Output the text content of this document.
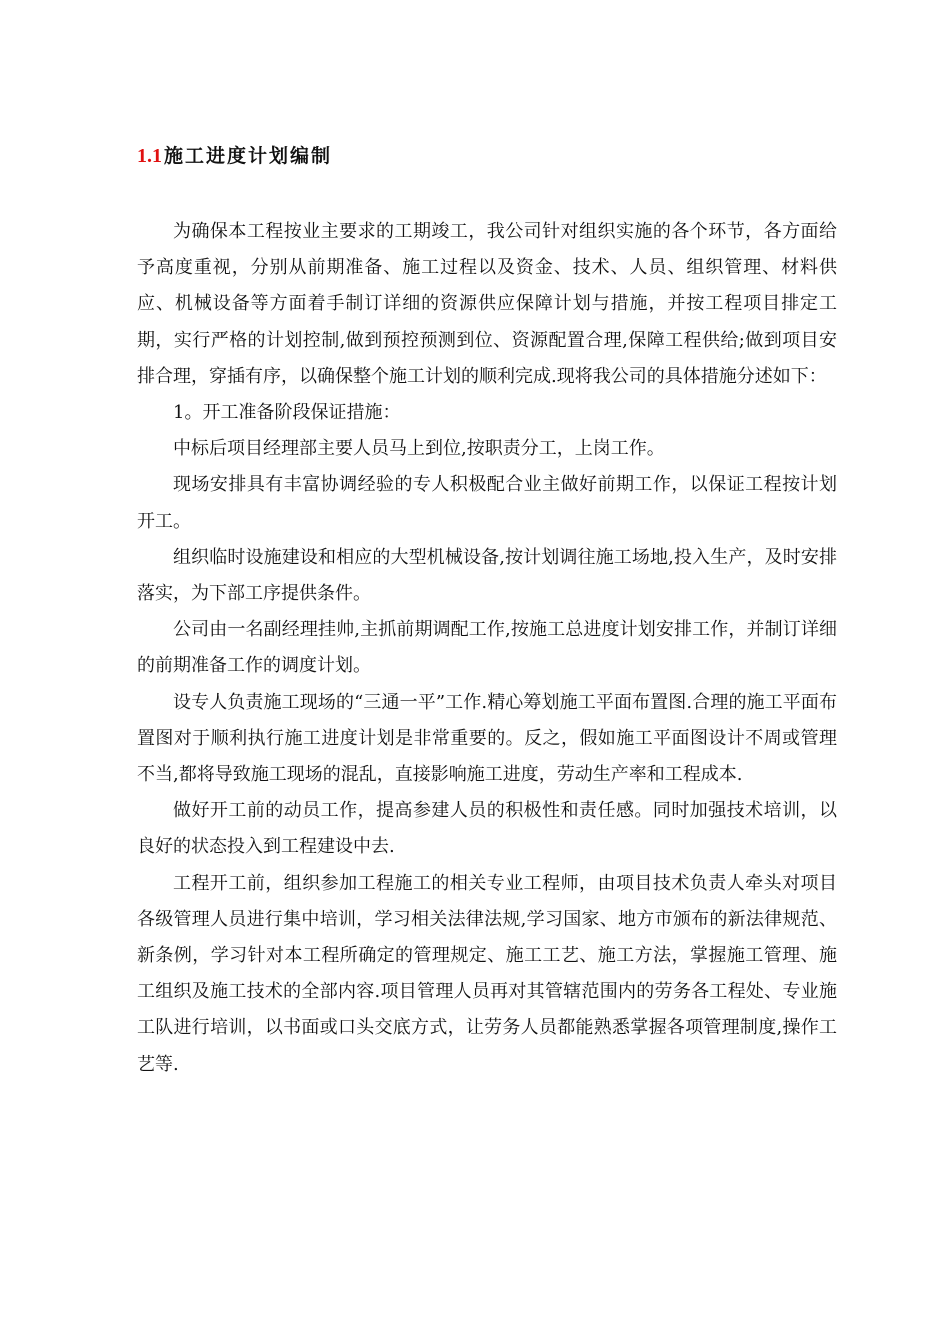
1.1 施工进度计划编制

为确保本工程按业主要求的工期竣工，我公司针对组织实施的各个环节，各方面给予高度重视，分别从前期准备、施工过程以及资金、技术、人员、组织管理、材料供应、机械设备等方面着手制订详细的资源供应保障计划与措施，并按工程项目排定工期，实行严格的计划控制,做到预控预测到位、资源配置合理,保障工程供给;做到项目安排合理，穿插有序，以确保整个施工计划的顺利完成.现将我公司的具体措施分述如下：

1。开工准备阶段保证措施：

中标后项目经理部主要人员马上到位,按职责分工，上岗工作。

现场安排具有丰富协调经验的专人积极配合业主做好前期工作，以保证工程按计划开工。

组织临时设施建设和相应的大型机械设备,按计划调往施工场地,投入生产，及时安排落实，为下部工序提供条件。

公司由一名副经理挂帅,主抓前期调配工作,按施工总进度计划安排工作，并制订详细的前期准备工作的调度计划。

设专人负责施工现场的“三通一平”工作.精心筹划施工平面布置图.合理的施工平面布置图对于顺利执行施工进度计划是非常重要的。反之，假如施工平面图设计不周或管理不当,都将导致施工现场的混乱，直接影响施工进度，劳动生产率和工程成本.

做好开工前的动员工作，提高参建人员的积极性和责任感。同时加强技术培训，以良好的状态投入到工程建设中去.

工程开工前，组织参加工程施工的相关专业工程师，由项目技术负责人牵头对项目各级管理人员进行集中培训，学习相关法律法规,学习国家、地方市颁布的新法律规范、新条例，学习针对本工程所确定的管理规定、施工工艺、施工方法，掌握施工管理、施工组织及施工技术的全部内容.项目管理人员再对其管辖范围内的劳务各工程处、专业施工队进行培训，以书面或口头交底方式，让劳务人员都能熟悉掌握各项管理制度,操作工艺等.
